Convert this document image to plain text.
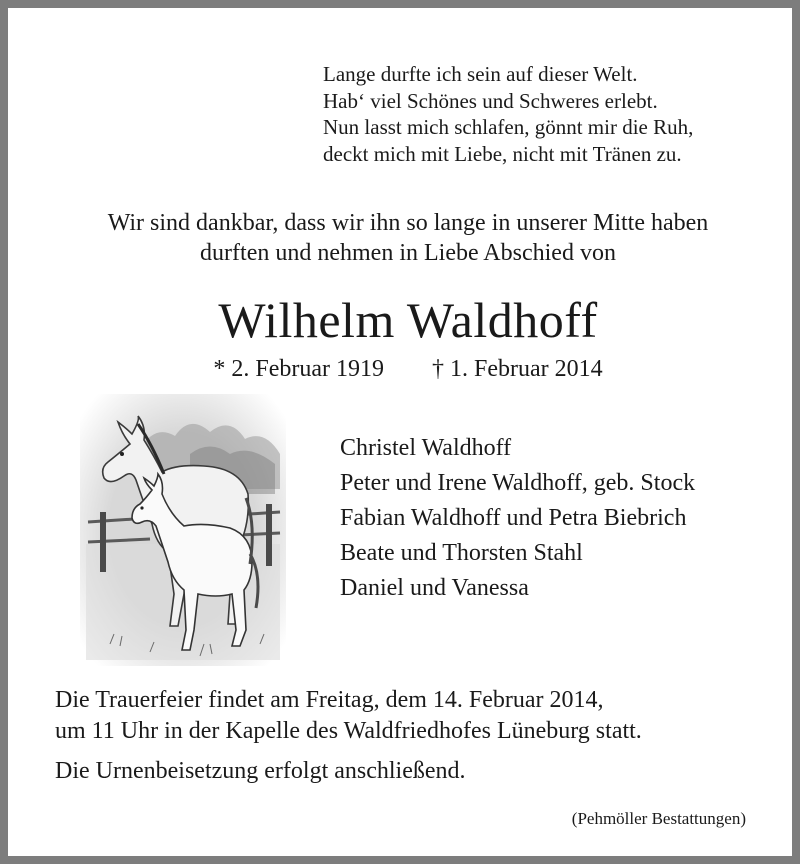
Lange durfte ich sein auf dieser Welt.
Hab‘ viel Schönes und Schweres erlebt.
Nun lasst mich schlafen, gönnt mir die Ruh,
deckt mich mit Liebe, nicht mit Tränen zu.
Wir sind dankbar, dass wir ihn so lange in unserer Mitte haben
durften und nehmen in Liebe Abschied von
Wilhelm Waldhoff
* 2. Februar 1919 † 1. Februar 2014
Christel Waldhoff
Peter und Irene Waldhoff, geb. Stock
Fabian Waldhoff und Petra Biebrich
Beate und Thorsten Stahl
Daniel und Vanessa
Die Trauerfeier findet am Freitag, dem 14. Februar 2014,
um 11 Uhr in der Kapelle des Waldfriedhofes Lüneburg statt.
Die Urnenbeisetzung erfolgt anschließend.
(Pehmöller Bestattungen)
